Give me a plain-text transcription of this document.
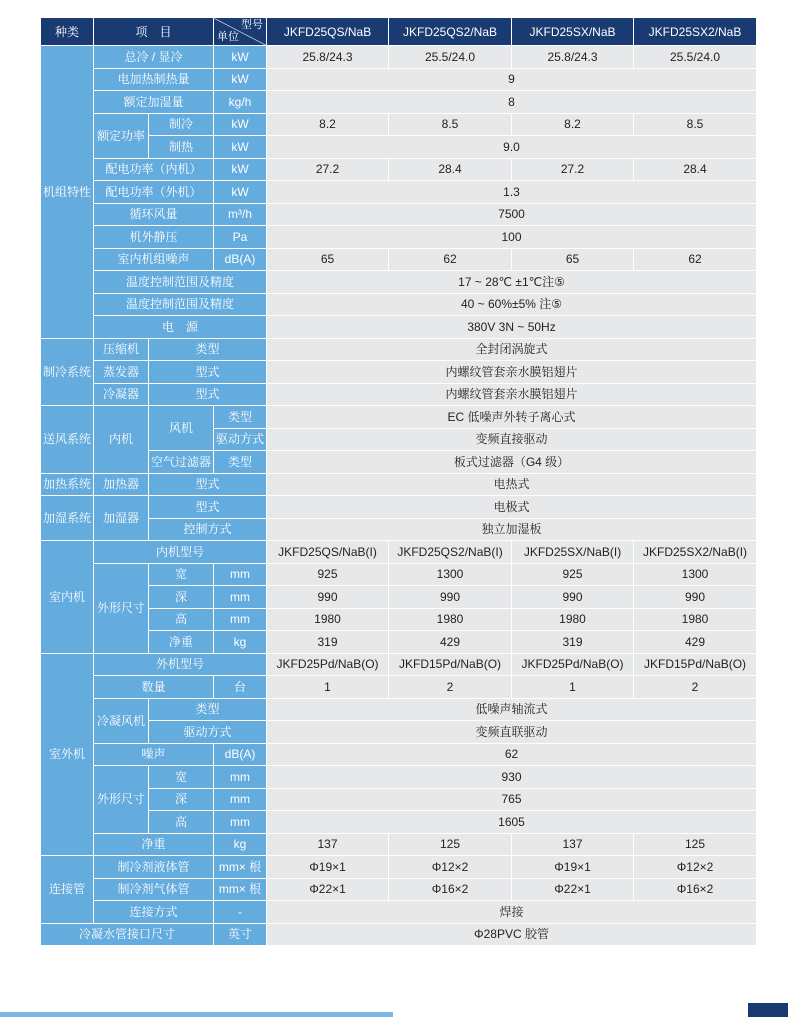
种类	项　目		型号
单位	JKFD25QS/NaB	JKFD25QS2/NaB	JKFD25SX/NaB	JKFD25SX2/NaB
机组特性	总冷 / 显冷		kW	25.8/24.3	25.5/24.0	25.8/24.3	25.5/24.0
	电加热制热量		kW	9			
	额定加湿量		kg/h	8			
	额定功率	制冷	kW	8.2	8.5	8.2	8.5
		制热	kW	9.0			
	配电功率（内机）		kW	27.2	28.4	27.2	28.4
	配电功率（外机）		kW	1.3			
	循环风量		m³/h	7500			
	机外静压		Pa	100			
	室内机组噪声		dB(A)	65	62	65	62
	温度控制范围及精度			17 ~ 28℃ ±1℃注⑤			
	温度控制范围及精度			40 ~ 60%±5% 注⑤			
	电　源			380V 3N ~ 50Hz			
制冷系统	压缩机	类型		全封闭涡旋式			
	蒸发器	型式		内螺纹管套亲水膜铝翅片			
	冷凝器	型式		内螺纹管套亲水膜铝翅片			
送风系统	内机	风机	类型	EC 低噪声外转子离心式			
			驱动方式	变频直接驱动			
		空气过滤器	类型	板式过滤器（G4 级）			
加热系统	加热器	型式		电热式			
加湿系统	加湿器	型式		电极式			
		控制方式		独立加湿板			
室内机	内机型号			JKFD25QS/NaB(I)	JKFD25QS2/NaB(I)	JKFD25SX/NaB(I)	JKFD25SX2/NaB(I)
	外形尺寸	宽	mm	925	1300	925	1300
		深	mm	990	990	990	990
		高	mm	1980	1980	1980	1980
		净重	kg	319	429	319	429
室外机	外机型号			JKFD25Pd/NaB(O)	JKFD15Pd/NaB(O)	JKFD25Pd/NaB(O)	JKFD15Pd/NaB(O)
	数量		台	1	2	1	2
	冷凝风机	类型		低噪声轴流式			
		驱动方式		变频直联驱动			
	噪声		dB(A)	62			
	外形尺寸	宽	mm	930			
		深	mm	765			
		高	mm	1605			
	净重		kg	137	125	137	125
连接管	制冷剂液体管		mm× 根	Φ19×1	Φ12×2	Φ19×1	Φ12×2
	制冷剂气体管		mm× 根	Φ22×1	Φ16×2	Φ22×1	Φ16×2
	连接方式		-	焊接			
冷凝水管接口尺寸			英寸	Φ28PVC 胶管			
